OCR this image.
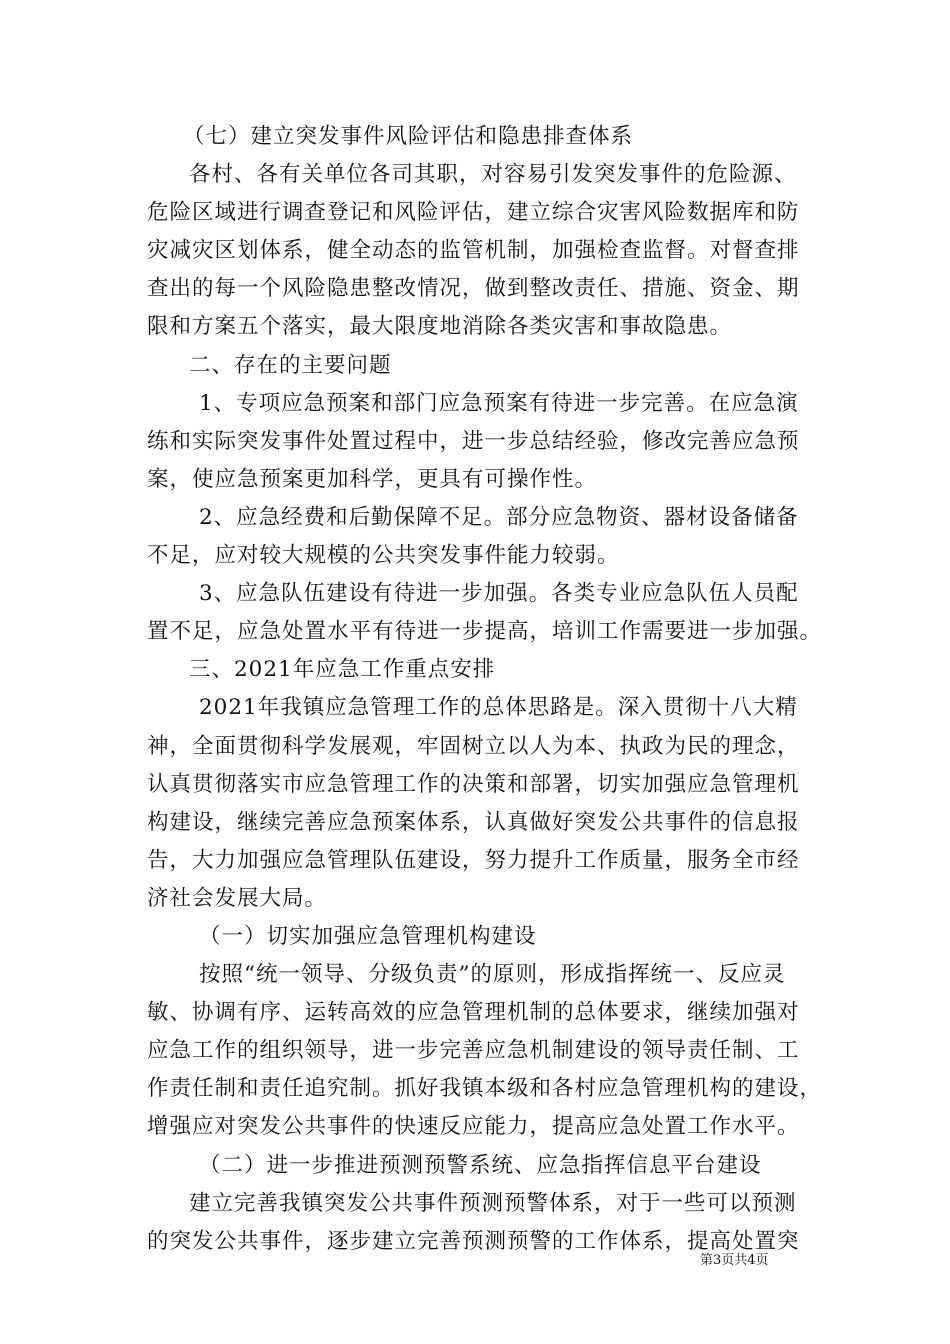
（七）建立突发事件风险评估和隐患排查体系
各村、各有关单位各司其职，对容易引发突发事件的危险源、
危险区域进行调查登记和风险评估，建立综合灾害风险数据库和防
灾减灾区划体系，健全动态的监管机制，加强检查监督。对督查排
查出的每一个风险隐患整改情况，做到整改责任、措施、资金、期
限和方案五个落实，最大限度地消除各类灾害和事故隐患。
二、存在的主要问题
1、专项应急预案和部门应急预案有待进一步完善。在应急演
练和实际突发事件处置过程中，进一步总结经验，修改完善应急预
案，使应急预案更加科学，更具有可操作性。
2、应急经费和后勤保障不足。部分应急物资、器材设备储备
不足，应对较大规模的公共突发事件能力较弱。
3、应急队伍建设有待进一步加强。各类专业应急队伍人员配
置不足，应急处置水平有待进一步提高，培训工作需要进一步加强。
三、2021年应急工作重点安排
2021年我镇应急管理工作的总体思路是。深入贯彻十八大精
神，全面贯彻科学发展观，牢固树立以人为本、执政为民的理念，
认真贯彻落实市应急管理工作的决策和部署，切实加强应急管理机
构建设，继续完善应急预案体系，认真做好突发公共事件的信息报
告，大力加强应急管理队伍建设，努力提升工作质量，服务全市经
济社会发展大局。
（一）切实加强应急管理机构建设
按照“统一领导、分级负责”的原则，形成指挥统一、反应灵
敏、协调有序、运转高效的应急管理机制的总体要求，继续加强对
应急工作的组织领导，进一步完善应急机制建设的领导责任制、工
作责任制和责任追究制。抓好我镇本级和各村应急管理机构的建设，
增强应对突发公共事件的快速反应能力，提高应急处置工作水平。
（二）进一步推进预测预警系统、应急指挥信息平台建设
建立完善我镇突发公共事件预测预警体系，对于一些可以预测
的突发公共事件，逐步建立完善预测预警的工作体系，提高处置突
第3页共4页
